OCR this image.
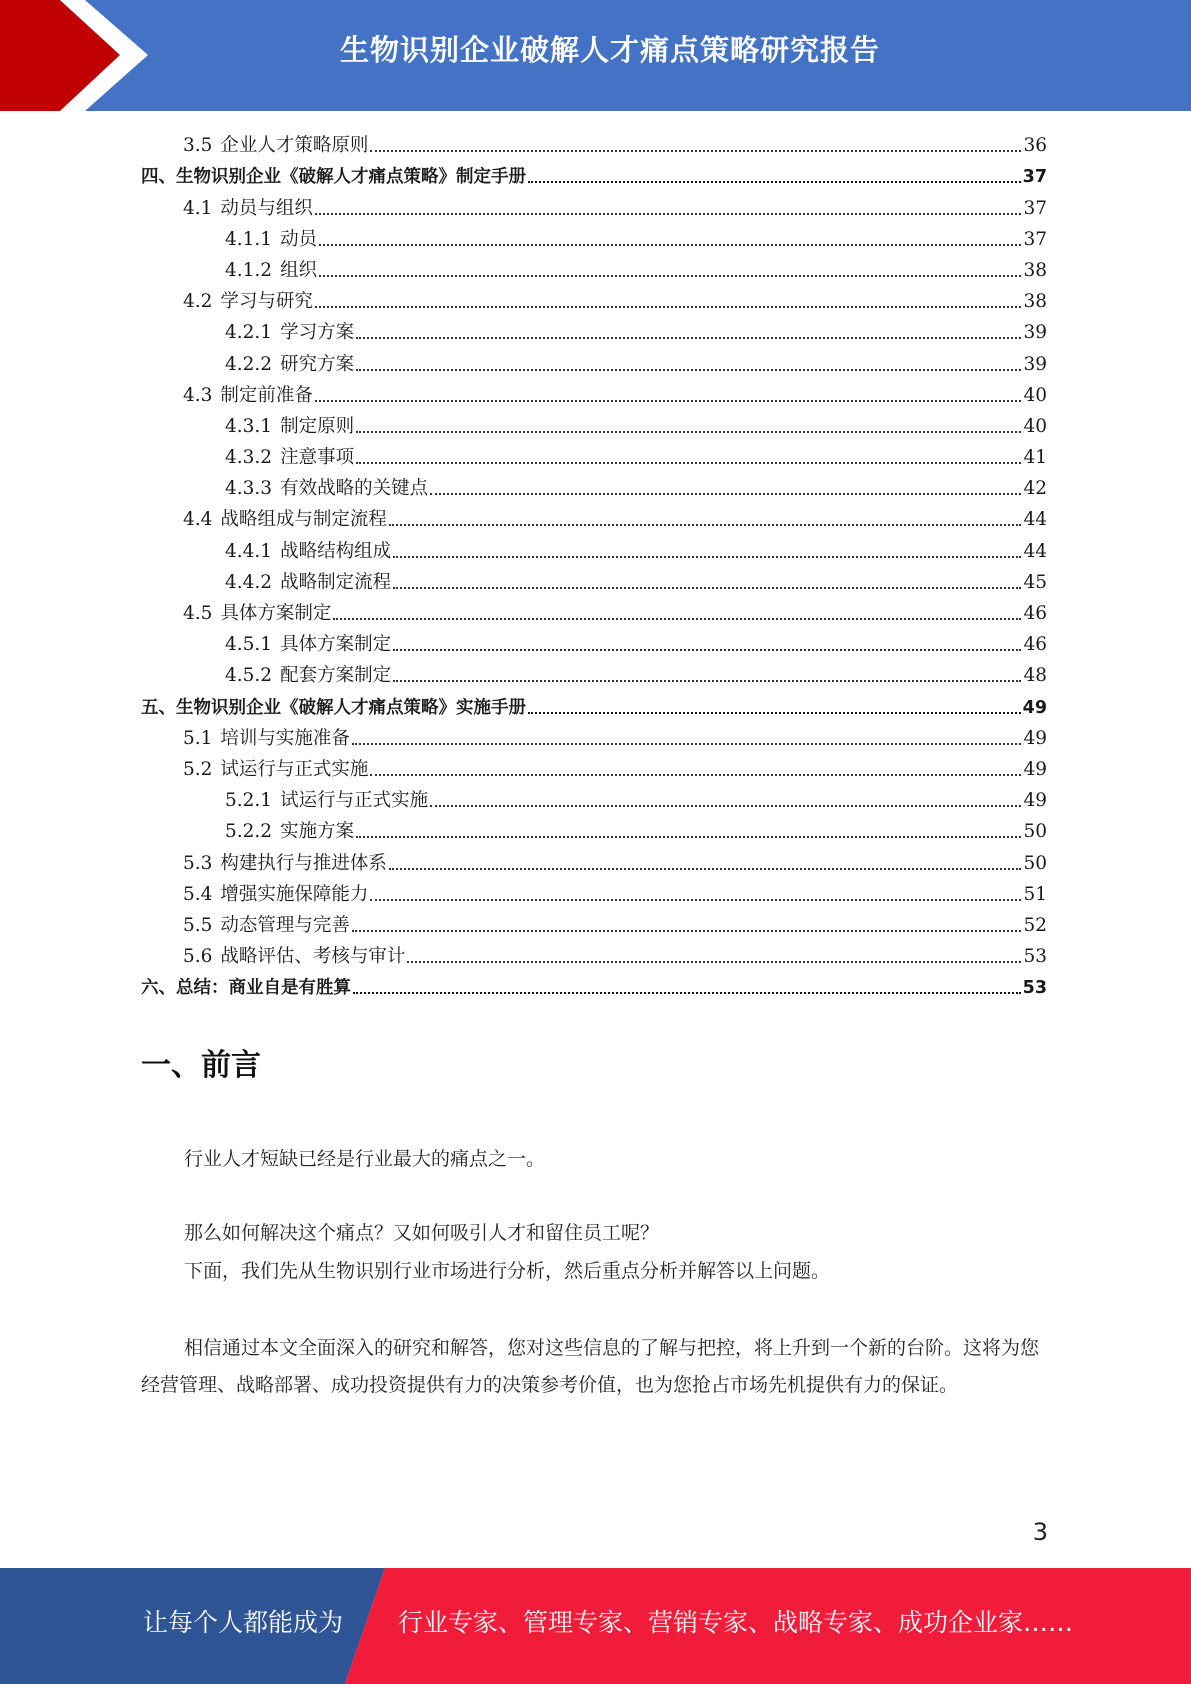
生物识别企业破解人才痛点策略研究报告
3.5 企业人才策略原则	36
四、生物识别企业《破解人才痛点策略》制定手册	37
4.1 动员与组织	37
4.1.1 动员	37
4.1.2 组织	38
4.2 学习与研究	38
4.2.1 学习方案	39
4.2.2 研究方案	39
4.3 制定前准备	40
4.3.1 制定原则	40
4.3.2 注意事项	41
4.3.3 有效战略的关键点	42
4.4 战略组成与制定流程	44
4.4.1 战略结构组成	44
4.4.2 战略制定流程	45
4.5 具体方案制定	46
4.5.1 具体方案制定	46
4.5.2 配套方案制定	48
五、生物识别企业《破解人才痛点策略》实施手册	49
5.1 培训与实施准备	49
5.2 试运行与正式实施	49
5.2.1 试运行与正式实施	49
5.2.2 实施方案	50
5.3 构建执行与推进体系	50
5.4 增强实施保障能力	51
5.5 动态管理与完善	52
5.6 战略评估、考核与审计	53
六、总结：商业自是有胜算	53
一、前言

行业人才短缺已经是行业最大的痛点之一。

那么如何解决这个痛点？又如何吸引人才和留住员工呢？

下面，我们先从生物识别行业市场进行分析，然后重点分析并解答以上问题。

相信通过本文全面深入的研究和解答，您对这些信息的了解与把控，将上升到一个新的台阶。这将为您经营管理、战略部署、成功投资提供有力的决策参考价值，也为您抢占市场先机提供有力的保证。

3
让每个人都能成为 行业专家、管理专家、营销专家、战略专家、成功企业家……
